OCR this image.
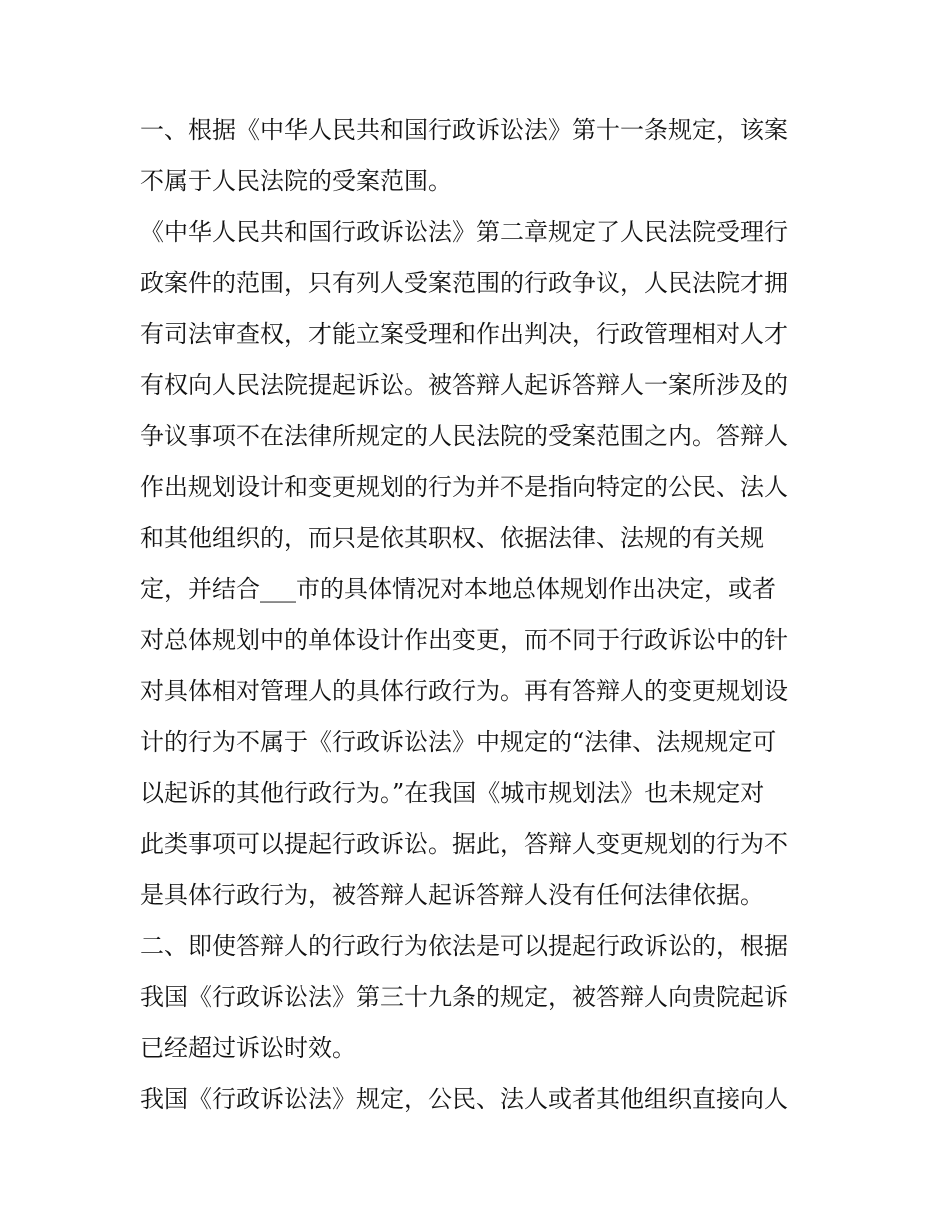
一、根据《中华人民共和国行政诉讼法》第十一条规定，该案
不属于人民法院的受案范围。
《中华人民共和国行政诉讼法》第二章规定了人民法院受理行
政案件的范围，只有列人受案范围的行政争议，人民法院才拥
有司法审查权，才能立案受理和作出判决，行政管理相对人才
有权向人民法院提起诉讼。被答辩人起诉答辩人一案所涉及的
争议事项不在法律所规定的人民法院的受案范围之内。答辩人
作出规划设计和变更规划的行为并不是指向特定的公民、法人
和其他组织的，而只是依其职权、依据法律、法规的有关规
定，并结合___市的具体情况对本地总体规划作出决定，或者
对总体规划中的单体设计作出变更，而不同于行政诉讼中的针
对具体相对管理人的具体行政行为。再有答辩人的变更规划设
计的行为不属于《行政诉讼法》中规定的“法律、法规规定可
以起诉的其他行政行为。”在我国《城市规划法》也未规定对
此类事项可以提起行政诉讼。据此，答辩人变更规划的行为不
是具体行政行为，被答辩人起诉答辩人没有任何法律依据。
二、即使答辩人的行政行为依法是可以提起行政诉讼的，根据
我国《行政诉讼法》第三十九条的规定，被答辩人向贵院起诉
已经超过诉讼时效。
我国《行政诉讼法》规定，公民、法人或者其他组织直接向人
